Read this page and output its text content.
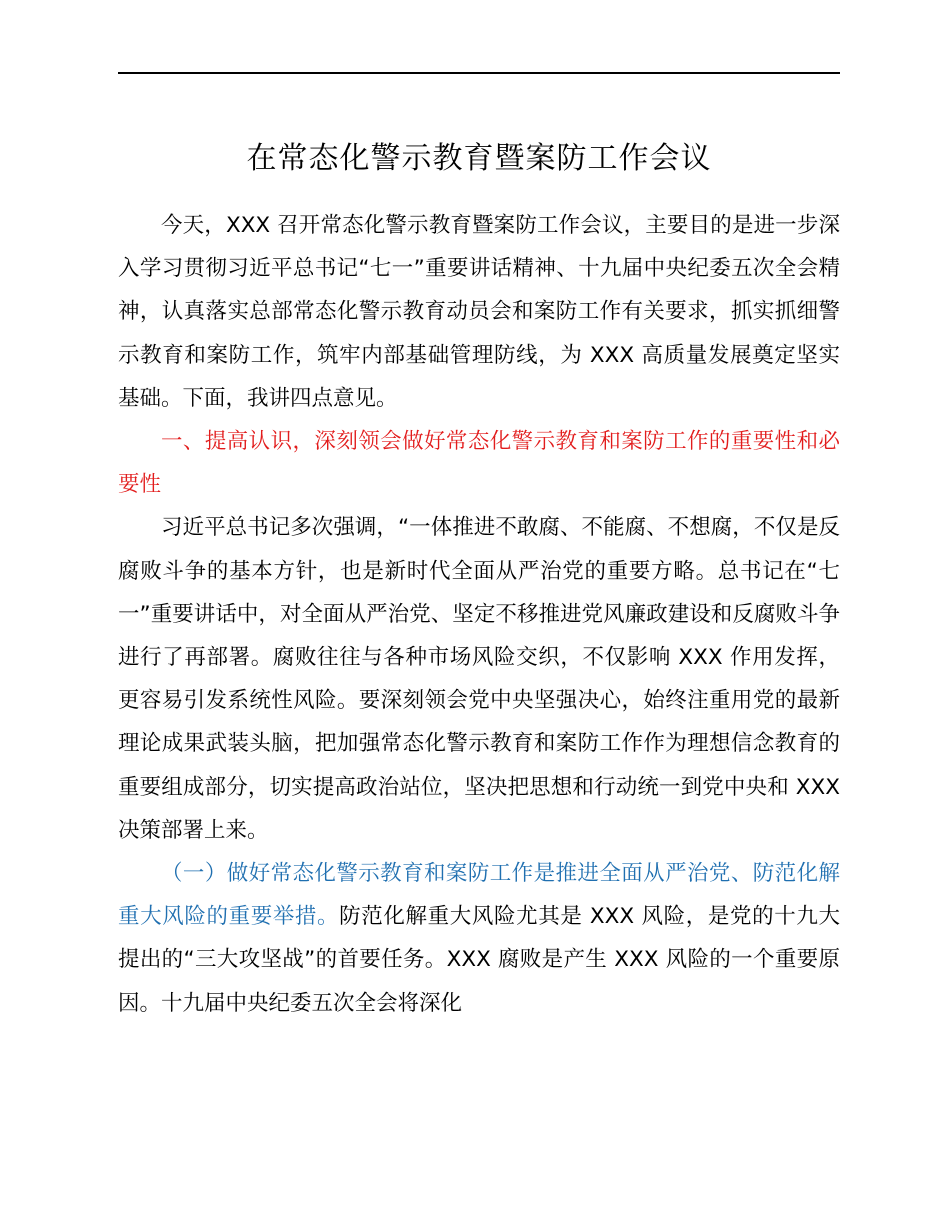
在常态化警示教育暨案防工作会议

今天，XXX 召开常态化警示教育暨案防工作会议，主要目的是进一步深入学习贯彻习近平总书记“七一”重要讲话精神、十九届中央纪委五次全会精神，认真落实总部常态化警示教育动员会和案防工作有关要求，抓实抓细警示教育和案防工作，筑牢内部基础管理防线，为 XXX 高质量发展奠定坚实基础。下面，我讲四点意见。

一、提高认识，深刻领会做好常态化警示教育和案防工作的重要性和必要性

习近平总书记多次强调，“一体推进不敢腐、不能腐、不想腐，不仅是反腐败斗争的基本方针，也是新时代全面从严治党的重要方略。总书记在“七一”重要讲话中，对全面从严治党、坚定不移推进党风廉政建设和反腐败斗争进行了再部署。腐败往往与各种市场风险交织，不仅影响 XXX 作用发挥，更容易引发系统性风险。要深刻领会党中央坚强决心，始终注重用党的最新理论成果武装头脑，把加强常态化警示教育和案防工作作为理想信念教育的重要组成部分，切实提高政治站位，坚决把思想和行动统一到党中央和 XXX 决策部署上来。

（一）做好常态化警示教育和案防工作是推进全面从严治党、防范化解重大风险的重要举措。防范化解重大风险尤其是 XXX 风险，是党的十九大提出的“三大攻坚战”的首要任务。XXX 腐败是产生 XXX 风险的一个重要原因。十九届中央纪委五次全会将深化
